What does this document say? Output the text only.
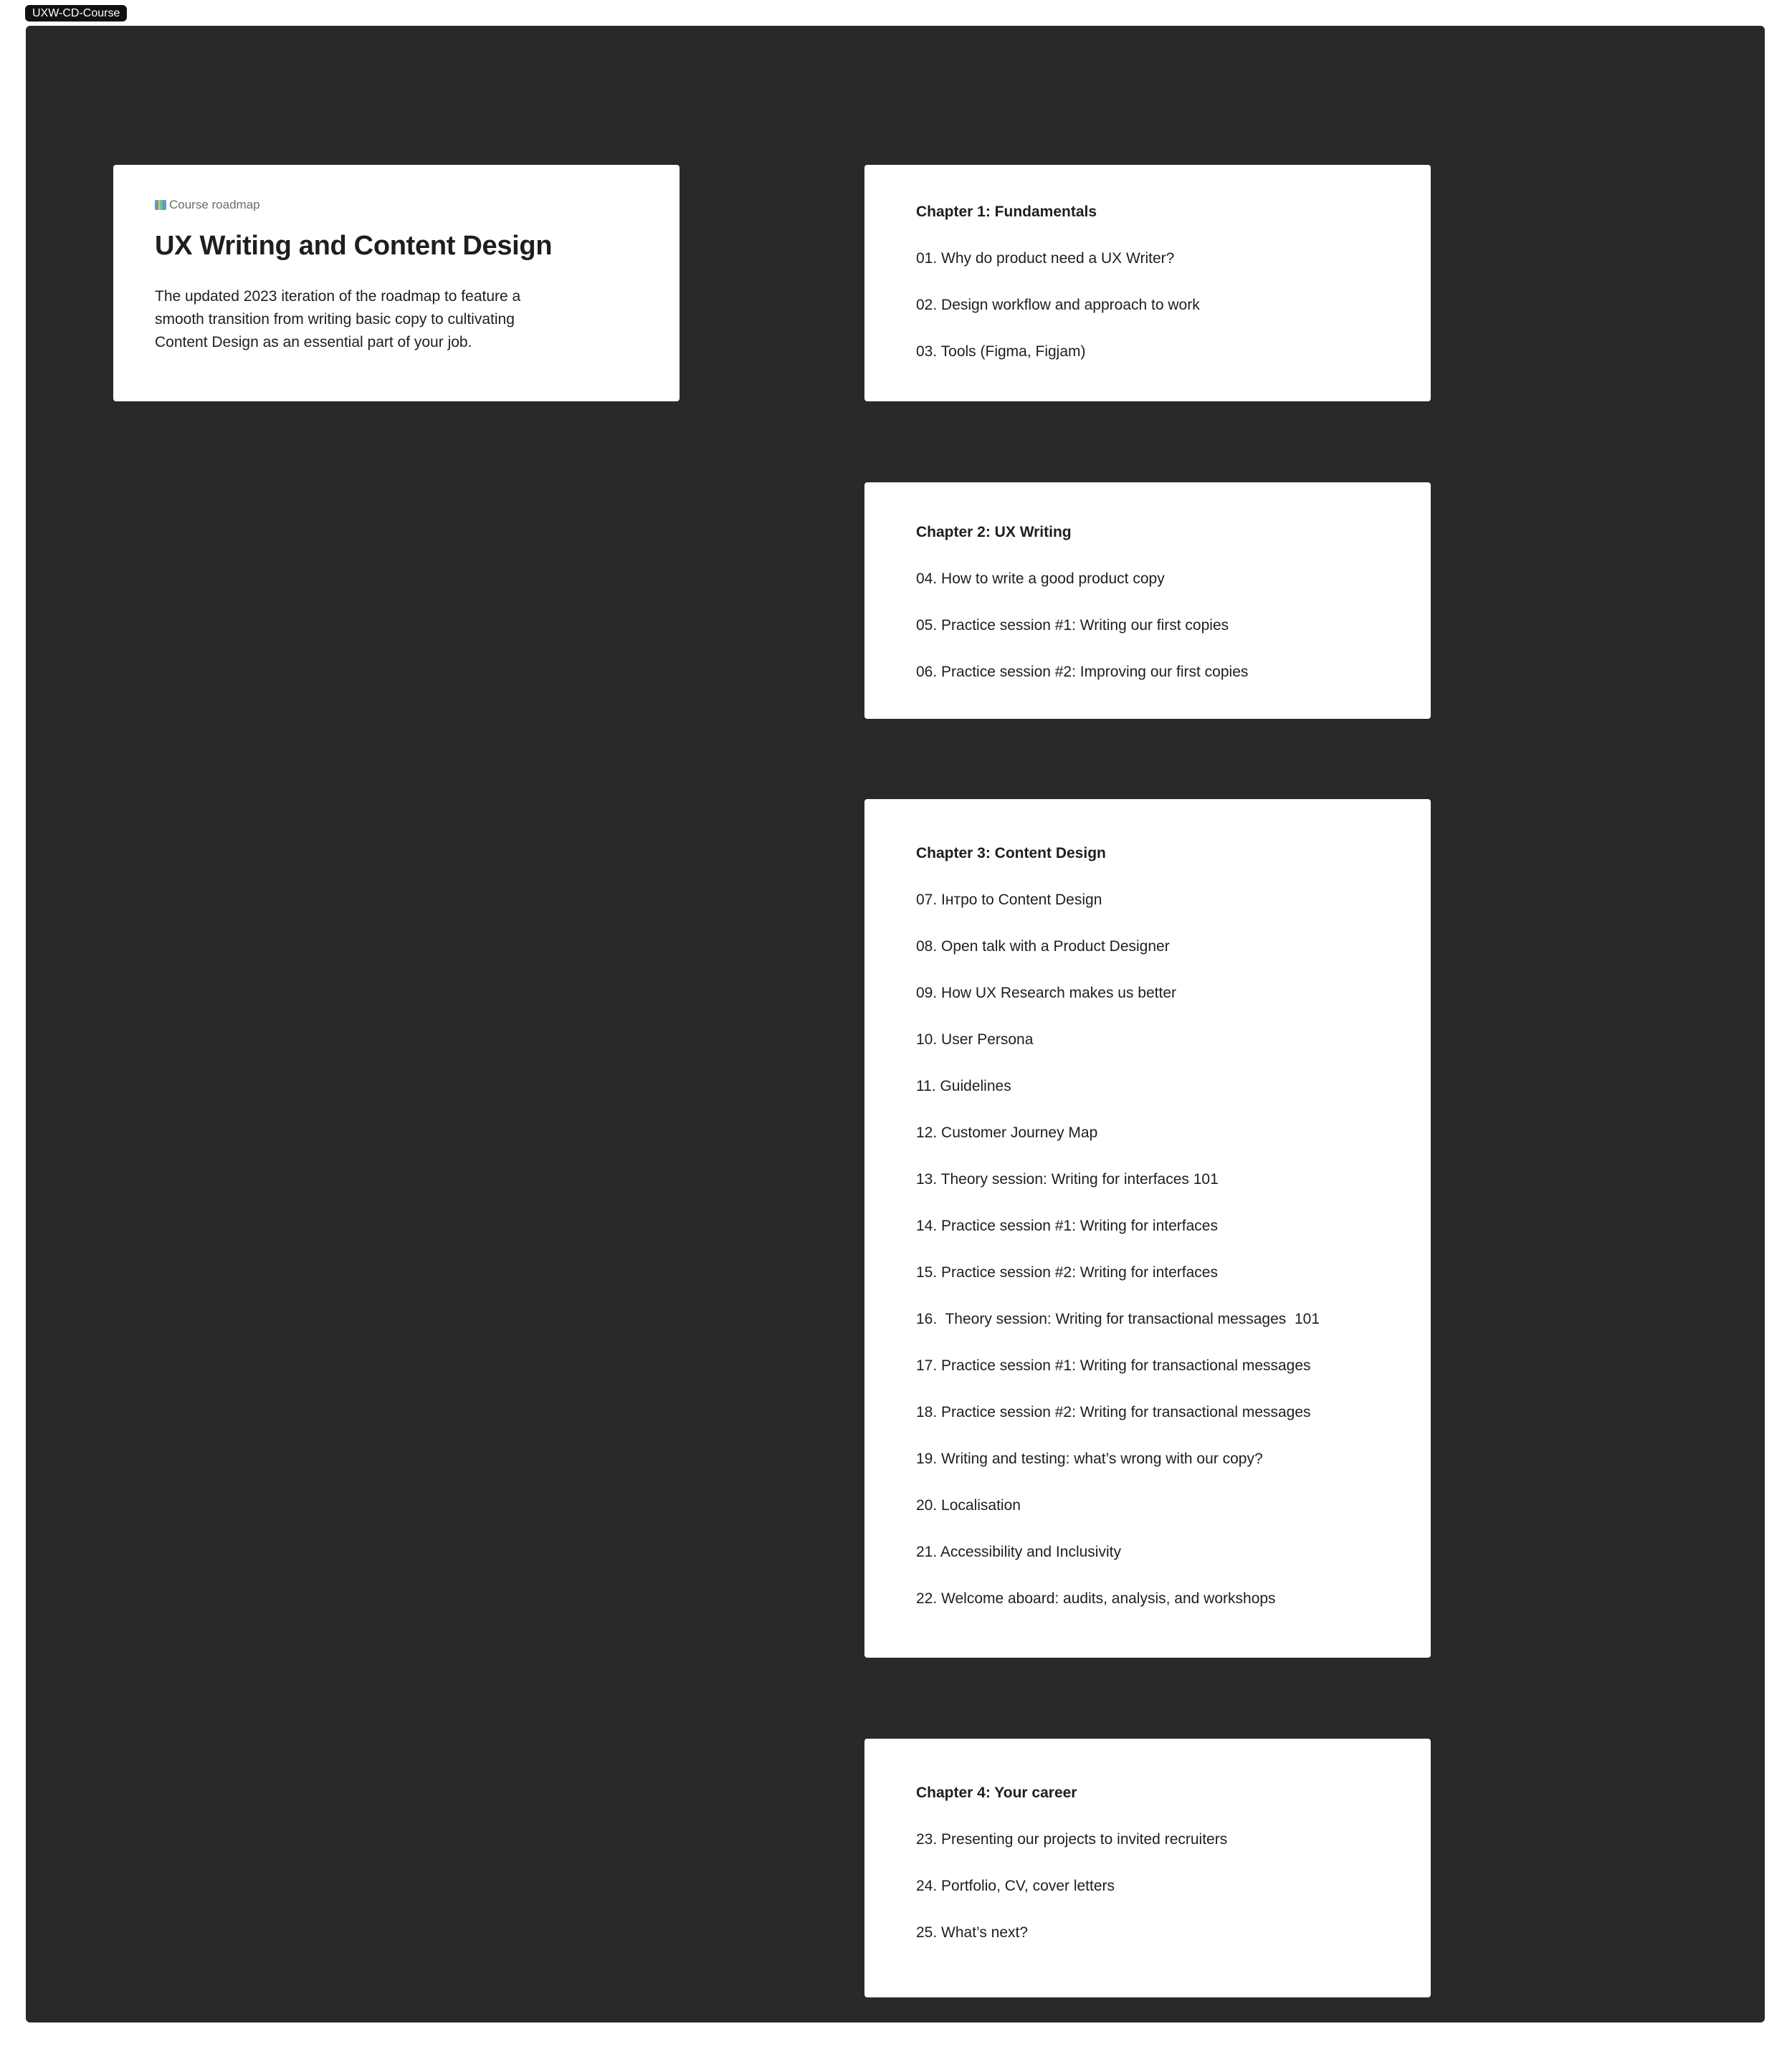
UXW-CD-Course
Course roadmap
UX Writing and Content Design
The updated 2023 iteration of the roadmap to feature a smooth transition from writing basic copy to cultivating Content Design as an essential part of your job.
Chapter 1: Fundamentals
01. Why do product need a UX Writer?
02. Design workflow and approach to work
03. Tools (Figma, Figjam)
Chapter 2: UX Writing
04. How to write a good product copy
05. Practice session #1: Writing our first copies
06. Practice session #2: Improving our first copies
Chapter 3: Content Design
07. Інтро to Content Design
08. Open talk with a Product Designer
09. How UX Research makes us better
10. User Persona
11. Guidelines
12. Customer Journey Map
13. Theory session: Writing for interfaces 101
14. Practice session #1: Writing for interfaces
15. Practice session #2: Writing for interfaces
16.  Theory session: Writing for transactional messages  101
17. Practice session #1: Writing for transactional messages
18. Practice session #2: Writing for transactional messages
19. Writing and testing: what’s wrong with our copy?
20. Localisation
21. Accessibility and Inclusivity
22. Welcome aboard: audits, analysis, and workshops
Chapter 4: Your career
23. Presenting our projects to invited recruiters
24. Portfolio, CV, cover letters
25. What’s next?
